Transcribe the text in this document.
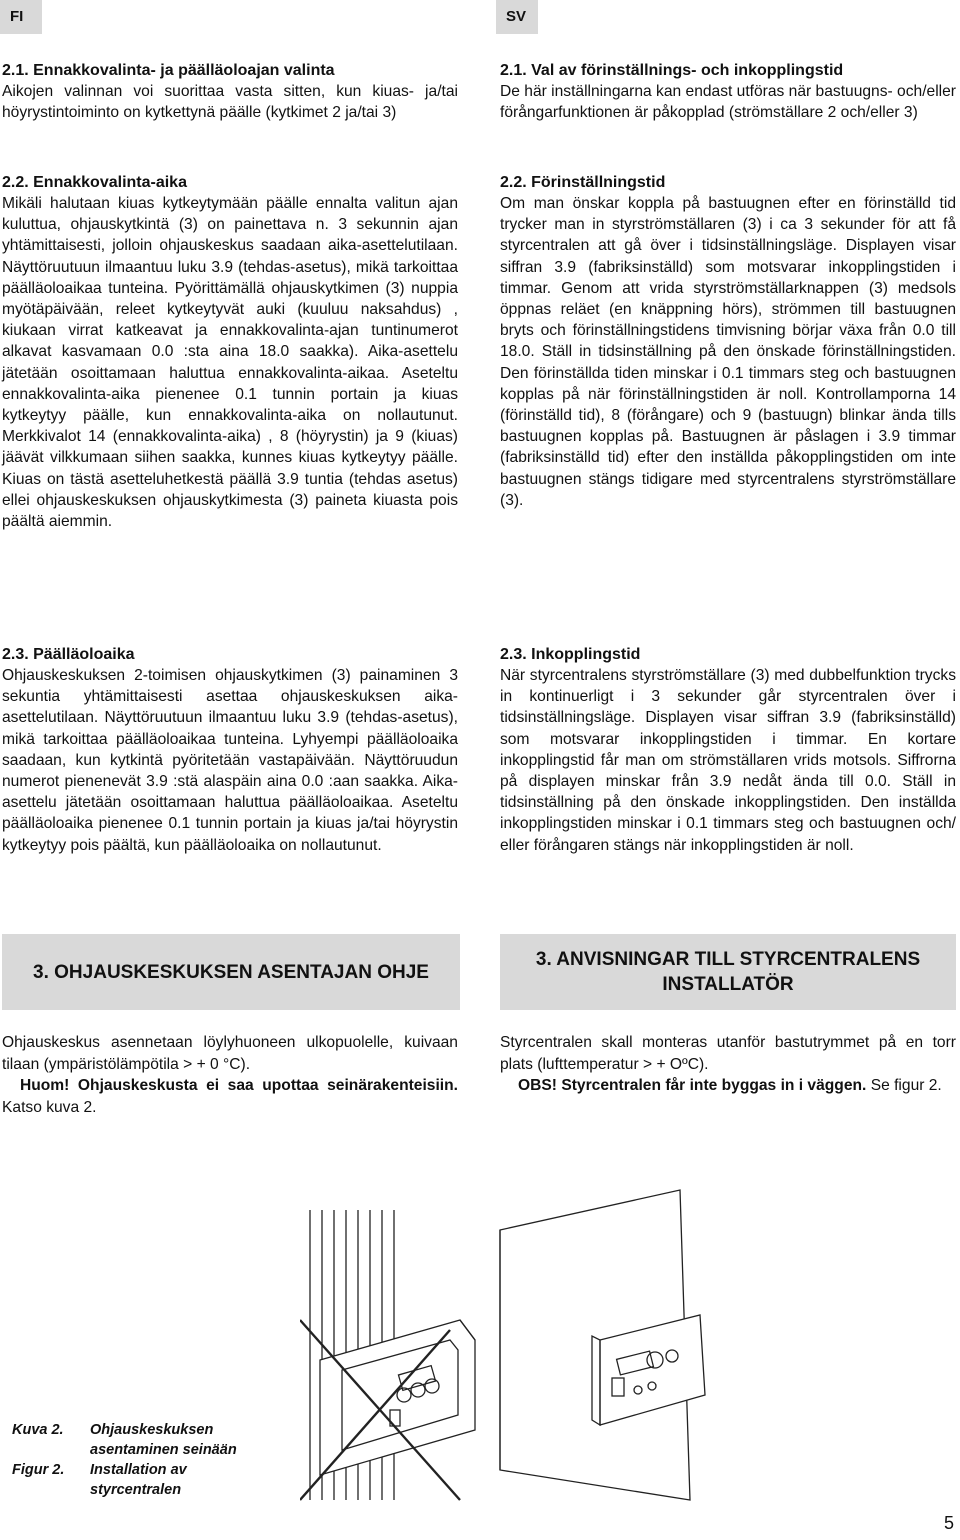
FI	SV

2.1. Ennakkovalinta- ja päälläoloajan valinta

Aikojen valinnan voi suorittaa vasta sitten, kun kiuas- ja/tai höyrystintoiminto on kytkettynä päälle (kytkimet 2 ja/tai 3)

2.2. Ennakkovalinta-aika

Mikäli halutaan kiuas kytkeytymään päälle ennalta valitun ajan kuluttua, ohjauskytkintä (3) on painettava n. 3 sekunnin ajan yhtämittaisesti, jolloin ohjauskeskus saadaan aika-asettelutilaan. Näyttöruutuun ilmaantuu luku 3.9 (tehdas-asetus), mikä tarkoittaa päälläoloaikaa tunteina. Pyörittämällä ohjauskytkimen (3) nuppia myötäpäivään, releet kytkeytyvät auki (kuuluu naksahdus) , kiukaan virrat katkeavat ja ennakkovalinta-ajan tuntinumerot alkavat kasvamaan 0.0 :sta aina 18.0 saakka). Aika-asettelu jätetään osoittamaan haluttua ennakkovalinta-aikaa. Aseteltu ennakkovalinta-aika pienenee 0.1 tunnin portain ja kiuas kytkeytyy päälle, kun ennakkovalinta-aika on nollautunut. Merkkivalot 14 (ennakkovalinta-aika) , 8 (höyrystin) ja 9 (kiuas) jäävät vilkkumaan siihen saakka, kunnes kiuas kytkeytyy päälle. Kiuas on tästä asetteluhetkestä päällä 3.9 tuntia (tehdas asetus) ellei ohjauskeskuksen ohjauskytkimesta (3) paineta kiuasta pois päältä aiemmin.

2.3. Päälläoloaika

Ohjauskeskuksen 2-toimisen ohjauskytkimen (3) painaminen 3 sekuntia yhtämittaisesti asettaa ohjauskeskuksen aika-asettelutilaan. Näyttöruutuun ilmaantuu luku 3.9 (tehdas-asetus), mikä tarkoittaa päälläoloaikaa tunteina. Lyhyempi päälläoloaika saadaan, kun kytkintä pyöritetään vastapäivään. Näyttöruudun numerot pienenevät 3.9 :stä alaspäin aina 0.0 :aan saakka. Aika-asettelu jätetään osoittamaan haluttua päälläoloaikaa. Aseteltu päälläoloaika pienenee 0.1 tunnin portain ja kiuas ja/tai höyrystin kytkeytyy pois päältä, kun päälläoloaika on nollautunut.

2.1. Val av förinställnings- och inkopplingstid

De här inställningarna kan endast utföras när bastuugns- och/eller förångarfunktionen är påkopplad (strömställare 2 och/eller 3)

2.2. Förinställningstid

Om man önskar koppla på bastuugnen efter en förinställd tid trycker man in styrströmställaren (3) i ca 3 sekunder för att få styrcentralen att gå över i tidsinställningsläge. Displayen visar siffran 3.9 (fabriksinställd) som motsvarar inkopplingstiden i timmar. Genom att vrida styrströmställarknappen (3) medsols öppnas reläet (en knäppning hörs), strömmen till bastuugnen bryts och förinställningstidens timvisning börjar växa från 0.0 till 18.0. Ställ in tidsinställning på den önskade förinställningstiden. Den förinställda tiden minskar i 0.1 timmars steg och bastuugnen kopplas på när förinställningstiden är noll. Kontrollamporna 14 (förinställd tid), 8 (förångare) och 9 (bastuugn) blinkar ända tills bastuugnen kopplas på. Bastuugnen är påslagen i 3.9 timmar (fabriksinställd tid) efter den inställda påkopplingstiden om inte bastuugnen stängs tidigare med styrcentralens styrströmställare (3).

2.3. Inkopplingstid

När styrcentralens styrströmställare (3) med dubbelfunktion trycks in kontinuerligt i 3 sekunder går styrcentralen över i tidsinställningsläge. Displayen visar siffran 3.9 (fabriksinställd) som motsvarar inkopplingstiden i timmar. En kortare inkopplingstid får man om strömställaren vrids motsols. Siffrorna på displayen minskar från 3.9 nedåt ända till 0.0. Ställ in tidsinställning på den önskade inkopplingstiden. Den inställda inkopplingstiden minskar i 0.1 timmars steg och bastuugnen och/ eller förångaren stängs när inkopplingstiden är noll.

3. OHJAUSKESKUKSEN ASENTAJAN OHJE
3. ANVISNINGAR TILL STYRCENTRALENS INSTALLATÖR

Ohjauskeskus asennetaan löylyhuoneen ulkopuolelle, kuivaan tilaan (ympäristölämpötila > + 0 °C).

Huom! Ohjauskeskusta ei saa upottaa seinärakenteisiin. Katso kuva 2.

Styrcentralen skall monteras utanför bastutrymmet på en torr plats (lufttemperatur > + OºC).

OBS! Styrcentralen får inte byggas in i väggen. Se figur 2.

Kuva 2.	Ohjauskeskuksen asentaminen seinään
Figur 2.	Installation av styrcentralen
5
